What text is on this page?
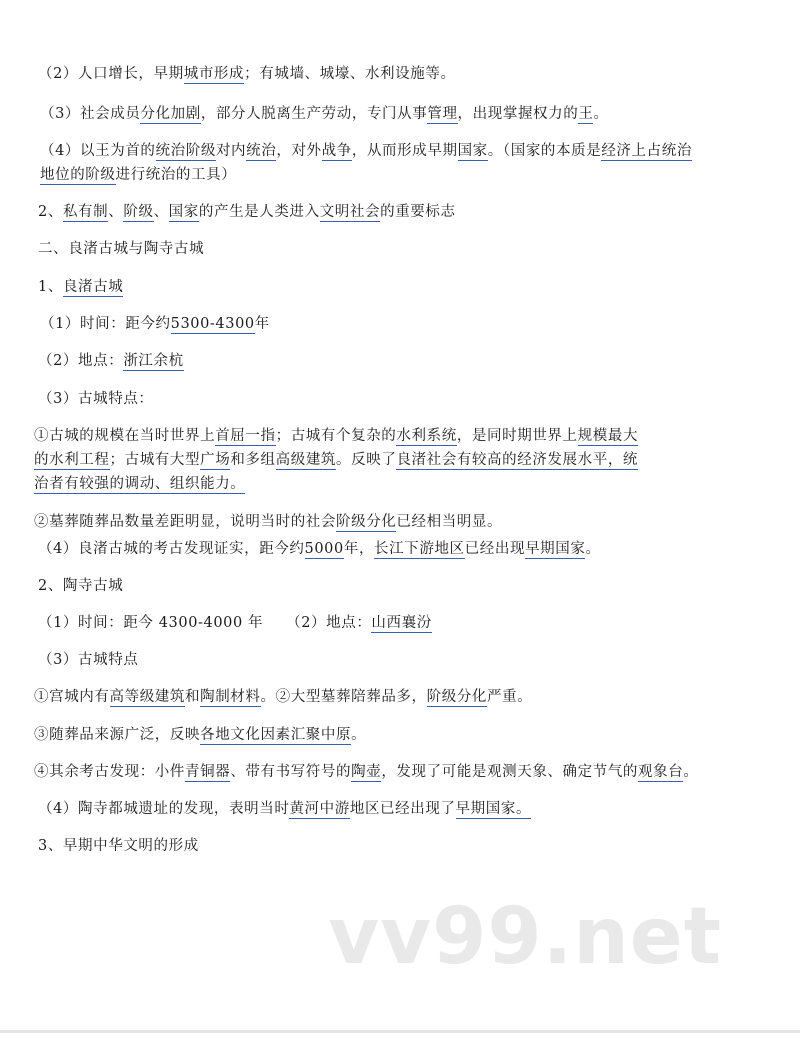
（2）人口增长，早期城市形成；有城墙、城壕、水利设施等。
（3）社会成员分化加剧，部分人脱离生产劳动，专门从事管理，出现掌握权力的王。
（4）以王为首的统治阶级对内统治，对外战争，从而形成早期国家。（国家的本质是经济上占统治
地位的阶级进行统治的工具）
2、私有制、阶级、国家的产生是人类进入文明社会的重要标志
二、良渚古城与陶寺古城
1、良渚古城
（1）时间：距今约5300-4300年
（2）地点：浙江余杭
（3）古城特点：
①古城的规模在当时世界上首屈一指；古城有个复杂的水利系统，是同时期世界上规模最大
的水利工程；古城有大型广场和多组高级建筑。反映了良渚社会有较高的经济发展水平，统
治者有较强的调动、组织能力。
②墓葬随葬品数量差距明显，说明当时的社会阶级分化已经相当明显。
（4）良渚古城的考古发现证实，距今约5000年，长江下游地区已经出现早期国家。
2、陶寺古城
（1）时间：距今 4300-4000 年　　（2）地点：山西襄汾
（3）古城特点
①宫城内有高等级建筑和陶制材料。②大型墓葬陪葬品多，阶级分化严重。
③随葬品来源广泛，反映各地文化因素汇聚中原。
④其余考古发现：小件青铜器、带有书写符号的陶壶，发现了可能是观测天象、确定节气的观象台。
（4）陶寺都城遗址的发现，表明当时黄河中游地区已经出现了早期国家。
3、早期中华文明的形成
vv99.net
